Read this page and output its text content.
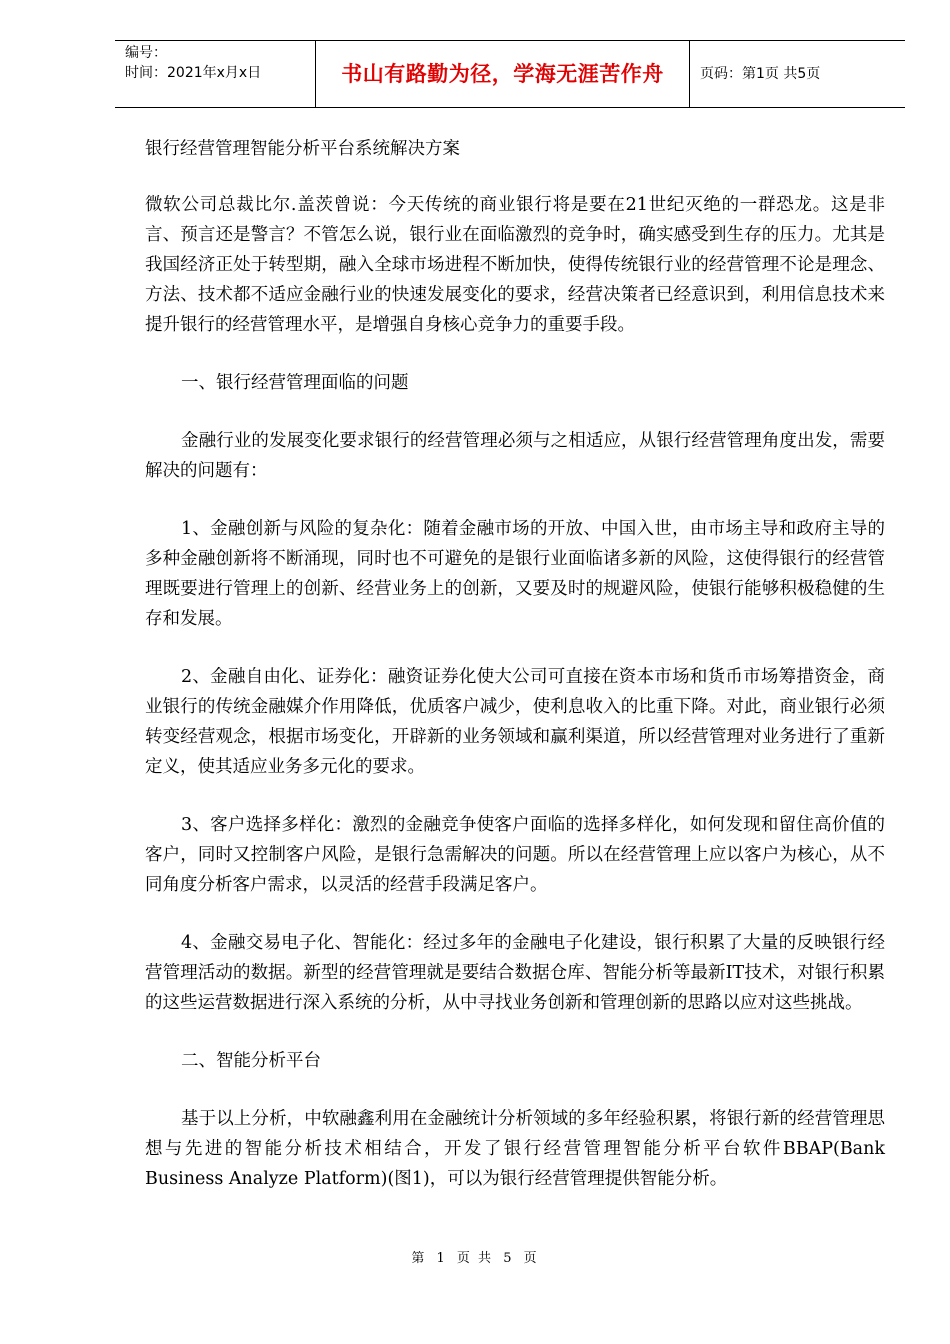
编号：
时间：2021年x月x日	书山有路勤为径，学海无涯苦作舟	页码：第1页 共5页

银行经营管理智能分析平台系统解决方案

微软公司总裁比尔.盖茨曾说：今天传统的商业银行将是要在21世纪灭绝的一群恐龙。这是非言、预言还是警言？不管怎么说，银行业在面临激烈的竞争时，确实感受到生存的压力。尤其是我国经济正处于转型期，融入全球市场进程不断加快，使得传统银行业的经营管理不论是理念、方法、技术都不适应金融行业的快速发展变化的要求，经营决策者已经意识到，利用信息技术来提升银行的经营管理水平，是增强自身核心竞争力的重要手段。

一、银行经营管理面临的问题

金融行业的发展变化要求银行的经营管理必须与之相适应，从银行经营管理角度出发，需要解决的问题有：

1、金融创新与风险的复杂化：随着金融市场的开放、中国入世，由市场主导和政府主导的多种金融创新将不断涌现，同时也不可避免的是银行业面临诸多新的风险，这使得银行的经营管理既要进行管理上的创新、经营业务上的创新，又要及时的规避风险，使银行能够积极稳健的生存和发展。

2、金融自由化、证券化：融资证券化使大公司可直接在资本市场和货币市场筹措资金，商业银行的传统金融媒介作用降低，优质客户减少，使利息收入的比重下降。对此，商业银行必须转变经营观念，根据市场变化，开辟新的业务领域和赢利渠道，所以经营管理对业务进行了重新定义，使其适应业务多元化的要求。

3、客户选择多样化：激烈的金融竞争使客户面临的选择多样化，如何发现和留住高价值的客户，同时又控制客户风险，是银行急需解决的问题。所以在经营管理上应以客户为核心，从不同角度分析客户需求，以灵活的经营手段满足客户。

4、金融交易电子化、智能化：经过多年的金融电子化建设，银行积累了大量的反映银行经营管理活动的数据。新型的经营管理就是要结合数据仓库、智能分析等最新IT技术，对银行积累的这些运营数据进行深入系统的分析，从中寻找业务创新和管理创新的思路以应对这些挑战。

二、智能分析平台

基于以上分析，中软融鑫利用在金融统计分析领域的多年经验积累，将银行新的经营管理思想与先进的智能分析技术相结合，开发了银行经营管理智能分析平台软件BBAP(Bank Business Analyze Platform)(图1)，可以为银行经营管理提供智能分析。

第 1 页 共 5 页
